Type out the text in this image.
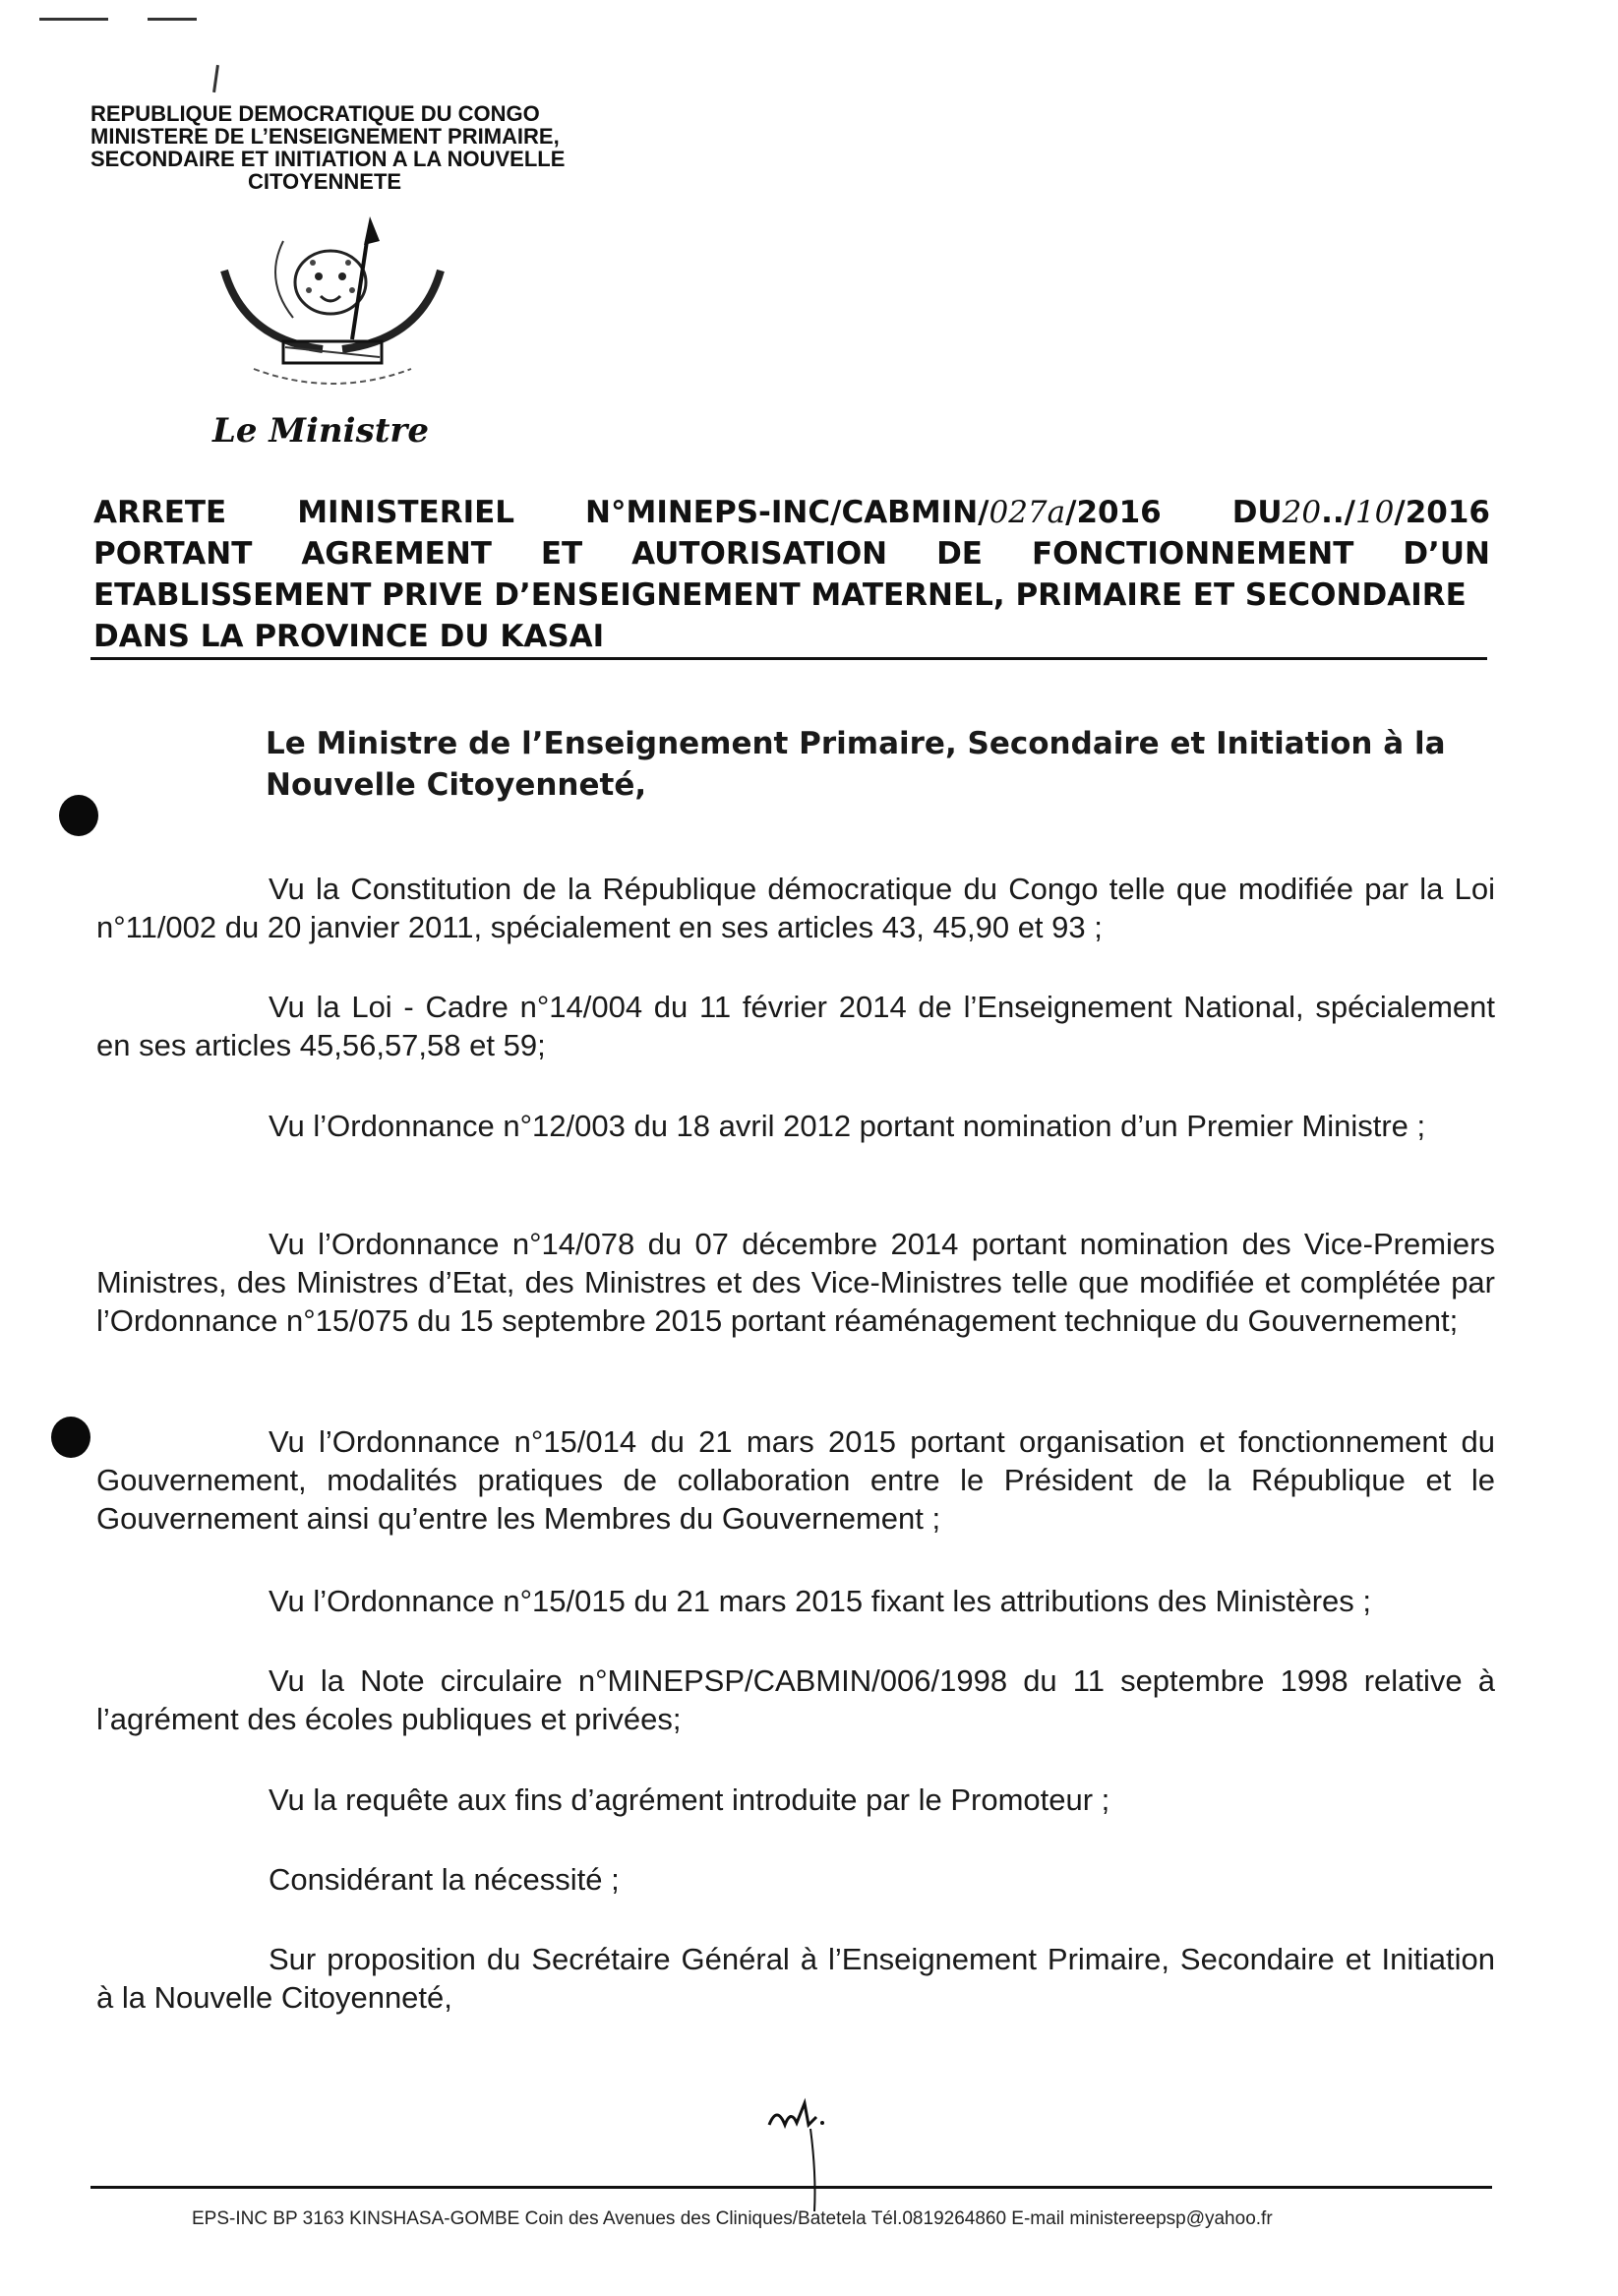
REPUBLIQUE DEMOCRATIQUE DU CONGO
MINISTERE DE L’ENSEIGNEMENT PRIMAIRE,
SECONDAIRE ET INITIATION A LA NOUVELLE
CITOYENNETE
Le Ministre
ARRETE MINISTERIEL N°MINEPS-INC/CABMIN/027a/2016 DU20../10/2016
PORTANT AGREMENT ET AUTORISATION DE FONCTIONNEMENT D’UN
ETABLISSEMENT PRIVE D’ENSEIGNEMENT MATERNEL, PRIMAIRE ET SECONDAIRE
DANS LA PROVINCE DU KASAI
Le Ministre de l’Enseignement Primaire, Secondaire et Initiation à la Nouvelle Citoyenneté,
Vu la Constitution de la République démocratique du Congo telle que modifiée par la Loi n°11/002 du 20 janvier 2011, spécialement en ses articles 43, 45,90 et 93 ;
Vu la Loi - Cadre n°14/004 du 11 février 2014 de l’Enseignement National, spécialement en ses articles 45,56,57,58 et 59;
Vu l’Ordonnance n°12/003 du 18 avril 2012 portant nomination d’un Premier Ministre ;
Vu l’Ordonnance n°14/078 du 07 décembre 2014 portant nomination des Vice-Premiers Ministres, des Ministres d’Etat, des Ministres et des Vice-Ministres telle que modifiée et complétée par l’Ordonnance n°15/075 du 15 septembre 2015 portant réaménagement technique du Gouvernement;
Vu l’Ordonnance n°15/014 du 21 mars 2015 portant organisation et fonctionnement du Gouvernement, modalités pratiques de collaboration entre le Président de la République et le Gouvernement ainsi qu’entre les Membres du Gouvernement ;
Vu l’Ordonnance n°15/015 du 21 mars 2015 fixant les attributions des Ministères ;
Vu la Note circulaire n°MINEPSP/CABMIN/006/1998 du 11 septembre 1998 relative à l’agrément des écoles publiques et privées;
Vu la requête aux fins d’agrément introduite par le Promoteur ;
Considérant la nécessité ;
Sur proposition du Secrétaire Général à l’Enseignement Primaire, Secondaire et Initiation à la Nouvelle Citoyenneté,
EPS-INC BP 3163 KINSHASA-GOMBE Coin des Avenues des Cliniques/Batetela Tél.0819264860 E-mail ministereepsp@yahoo.fr
